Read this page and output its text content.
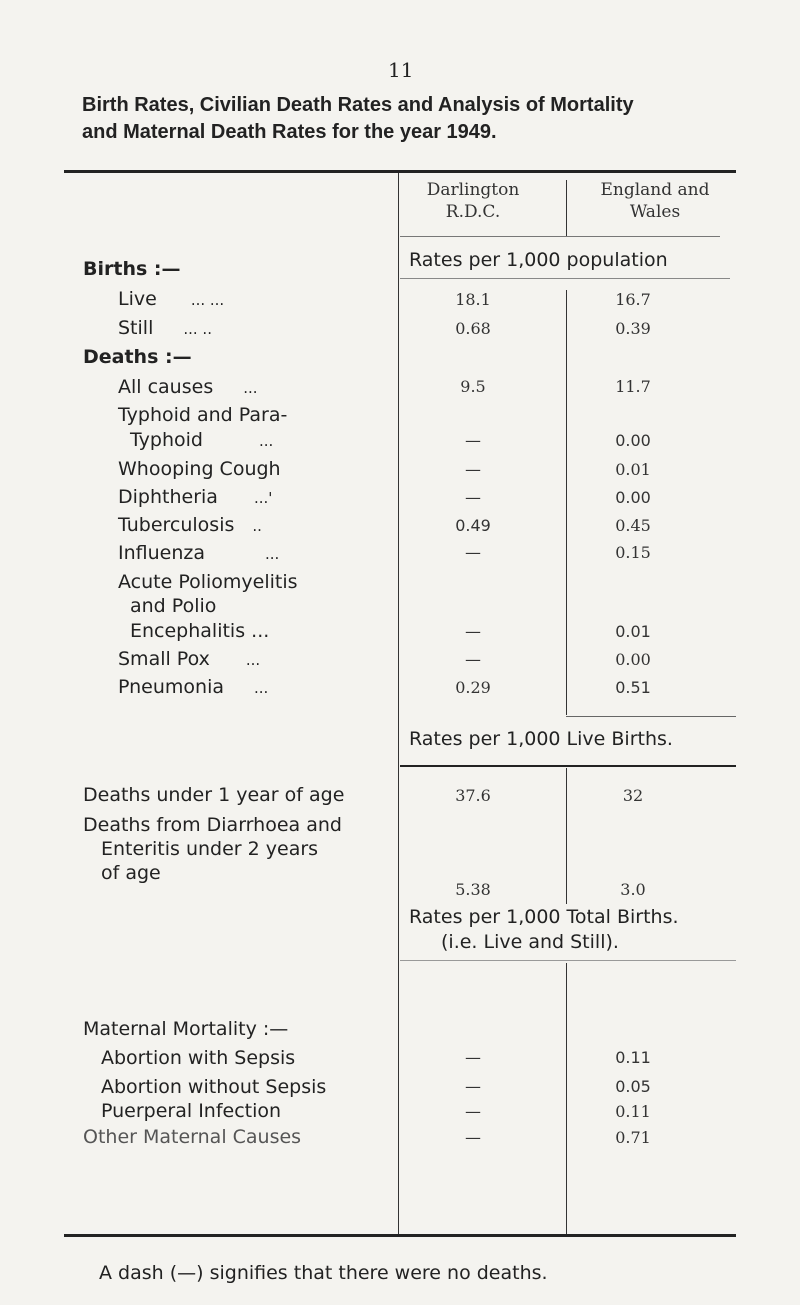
11
Birth Rates, Civilian Death Rates and Analysis of Mortality
and Maternal Death Rates for the year 1949.
Darlington
R.D.C.
England and
Wales
Rates per 1,000 population
Births :—
Live ... ...	18.1	16.7
Still ... ..	0.68	0.39
Deaths :—
All causes ...	9.5	11.7
Typhoid and Para-
Typhoid	...	—	0.00
Whooping Cough	—	0.01
Diphtheria ...'	—	0.00
Tuberculosis ..	0.49	0.45
Influenza	...	—	0.15
Acute Poliomyelitis
and Polio
Encephalitis ...	—	0.01
Small Pox ...	—	0.00
Pneumonia ...	0.29	0.51
Rates per 1,000 Live Births.
Deaths under 1 year of age	37.6	32
Deaths from Diarrhoea and
Enteritis under 2 years
of age
5.38	3.0
Rates per 1,000 Total Births.
(i.e. Live and Still).
Maternal Mortality :—
Abortion with Sepsis	—	0.11
Abortion without Sepsis	—	0.05
Puerperal Infection	—	0.11
Other Maternal Causes	—	0.71
A dash (—) signifies that there were no deaths.
